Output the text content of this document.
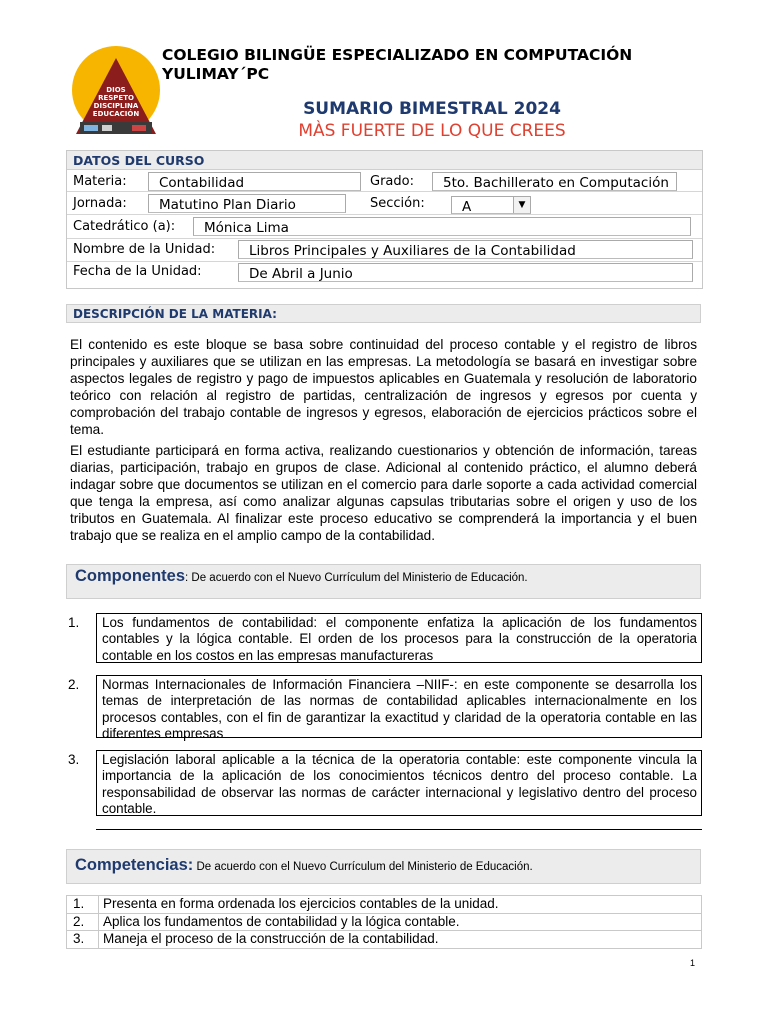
DIOS
RESPETO
DISCIPLINA
EDUCACIÓN
COLEGIO BILINGÜE ESPECIALIZADO EN COMPUTACIÓN
YULIMAY´PC
SUMARIO BIMESTRAL 2024
MÀS FUERTE DE LO QUE CREES
DATOS DEL CURSO
Materia:	Contabilidad	Grado:	5to. Bachillerato en Computación
Jornada:	Matutino Plan Diario	Sección:	A	▼
Catedrático (a):	Mónica Lima
Nombre de la Unidad:	Libros Principales y Auxiliares de la Contabilidad
Fecha de la Unidad:	De Abril a Junio
DESCRIPCIÓN DE LA MATERIA:
El contenido es este bloque se basa sobre continuidad del proceso contable y el registro de libros principales y auxiliares que se utilizan en las empresas. La metodología se basará en investigar sobre aspectos legales de registro y pago de impuestos aplicables en Guatemala y resolución de laboratorio teórico con relación al registro de partidas, centralización de ingresos y egresos por cuenta y comprobación del trabajo contable de ingresos y egresos, elaboración de ejercicios prácticos sobre el tema.
El estudiante participará en forma activa, realizando cuestionarios y obtención de información, tareas diarias, participación, trabajo en grupos de clase. Adicional al contenido práctico, el alumno deberá indagar sobre que documentos se utilizan en el comercio para darle soporte a cada actividad comercial que tenga la empresa, así como analizar algunas capsulas tributarias sobre el origen y uso de los tributos en Guatemala. Al finalizar este proceso educativo se comprenderá la importancia y el buen trabajo que se realiza en el amplio campo de la contabilidad.
Componentes: De acuerdo con el Nuevo Currículum del Ministerio de Educación.
1.	Los fundamentos de contabilidad: el componente enfatiza la aplicación de los fundamentos contables y la lógica contable. El orden de los procesos para la construcción de la operatoria contable en los costos en las empresas manufactureras
2.	Normas Internacionales de Información Financiera –NIIF-: en este componente se desarrolla los temas de interpretación de las normas de contabilidad aplicables internacionalmente en los procesos contables, con el fin de garantizar la exactitud y claridad de la operatoria contable en las diferentes empresas
3.	Legislación laboral aplicable a la técnica de la operatoria contable: este componente vincula la importancia de la aplicación de los conocimientos técnicos dentro del proceso contable. La responsabilidad de observar las normas de carácter internacional y legislativo dentro del proceso contable.
Competencias: De acuerdo con el Nuevo Currículum del Ministerio de Educación.
1.	Presenta en forma ordenada los ejercicios contables de la unidad.
2.	Aplica los fundamentos de contabilidad y la lógica contable.
3.	Maneja el proceso de la construcción de la contabilidad.
1
